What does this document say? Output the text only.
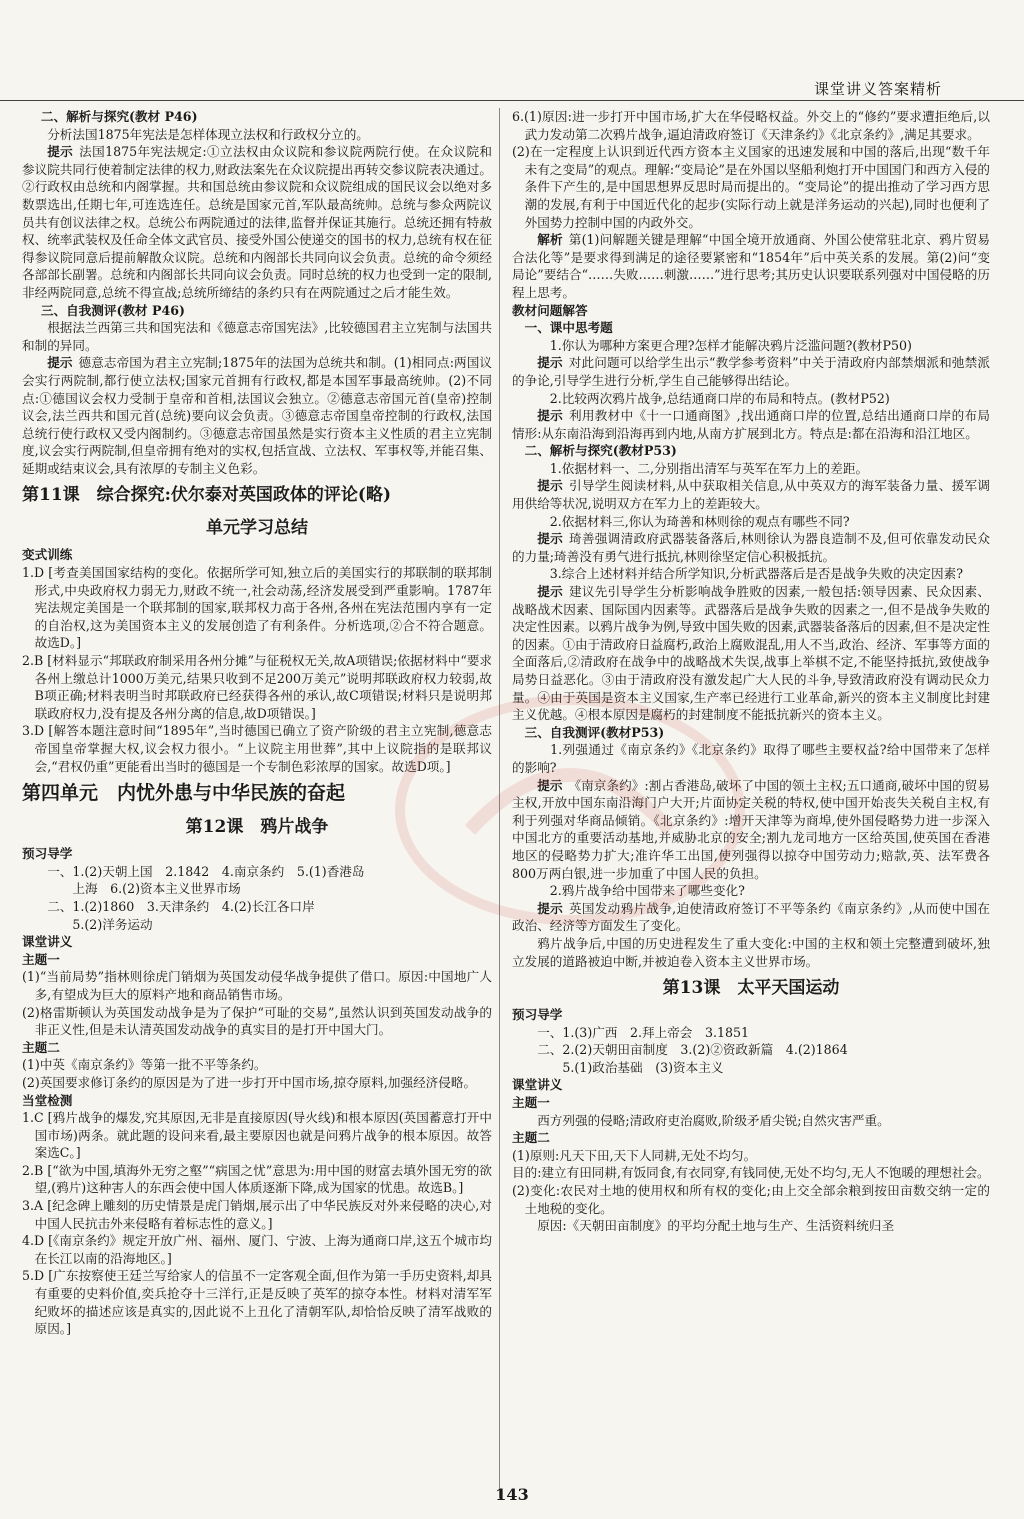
课堂讲义答案精析

二、解析与探究(教材 P46)

分析法国1875年宪法是怎样体现立法权和行政权分立的。

提示 法国1875年宪法规定:①立法权由众议院和参议院两院行使。在众议院和参议院共同行使着制定法律的权力,财政法案先在众议院提出再转交参议院表决通过。②行政权由总统和内阁掌握。共和国总统由参议院和众议院组成的国民议会以绝对多数票选出,任期七年,可连选连任。总统是国家元首,军队最高统帅。总统与参众两院议员共有创议法律之权。总统公布两院通过的法律,监督并保证其施行。总统还拥有特赦权、统率武装权及任命全体文武官员、接受外国公使递交的国书的权力,总统有权在征得参议院同意后提前解散众议院。总统和内阁部长共同向议会负责。总统的命令须经各部部长副署。总统和内阁部长共同向议会负责。同时总统的权力也受到一定的限制,非经两院同意,总统不得宣战;总统所缔结的条约只有在两院通过之后才能生效。

三、自我测评(教材 P46)

根据法兰西第三共和国宪法和《德意志帝国宪法》,比较德国君主立宪制与法国共和制的异同。

提示 德意志帝国为君主立宪制;1875年的法国为总统共和制。(1)相同点:两国议会实行两院制,都行使立法权;国家元首拥有行政权,都是本国军事最高统帅。(2)不同点:①德国议会权力受制于皇帝和首相,法国议会独立。②德意志帝国元首(皇帝)控制议会,法兰西共和国元首(总统)要向议会负责。③德意志帝国皇帝控制的行政权,法国总统行使行政权又受内阁制约。③德意志帝国虽然是实行资本主义性质的君主立宪制度,议会实行两院制,但皇帝拥有绝对的实权,包括宣战、立法权、军事权等,并能召集、延期或结束议会,具有浓厚的专制主义色彩。

第11课　综合探究:伏尔泰对英国政体的评论(略)

单元学习总结

变式训练

1.D [考查美国国家结构的变化。依据所学可知,独立后的美国实行的邦联制的联邦制形式,中央政府权力弱无力,财政不统一,社会动荡,经济发展受到严重影响。1787年宪法规定美国是一个联邦制的国家,联邦权力高于各州,各州在宪法范围内享有一定的自治权,这为美国资本主义的发展创造了有利条件。分析选项,②合不符合题意。故选D。]

2.B [材料显示“邦联政府制采用各州分摊”与征税权无关,故A项错误;依据材料中“要求各州上缴总计1000万美元,结果只收到不足200万美元”说明邦联政府权力较弱,故B项正确;材料表明当时邦联政府已经获得各州的承认,故C项错误;材料只是说明邦联政府权力,没有提及各州分离的信息,故D项错误。]

3.D [解答本题注意时间“1895年”,当时德国已确立了资产阶级的君主立宪制,德意志帝国皇帝掌握大权,议会权力很小。“上议院主用世葬”,其中上议院指的是联邦议会,“君权仍重”更能看出当时的德国是一个专制色彩浓厚的国家。故选D项。]

第四单元　内忧外患与中华民族的奋起

第12课　鸦片战争

预习导学

一、1.(2)天朝上国　2.1842　4.南京条约　5.(1)香港岛

　　上海　6.(2)资本主义世界市场

二、1.(2)1860　3.天津条约　4.(2)长江各口岸

　　5.(2)洋务运动

课堂讲义

主题一

(1)“当前局势”指林则徐虎门销烟为英国发动侵华战争提供了借口。原因:中国地广人多,有望成为巨大的原料产地和商品销售市场。

(2)格雷斯顿认为英国发动战争是为了保护“可耻的交易”,虽然认识到英国发动战争的非正义性,但是未认清英国发动战争的真实目的是打开中国大门。

主题二

(1)中英《南京条约》等第一批不平等条约。

(2)英国要求修订条约的原因是为了进一步打开中国市场,掠夺原料,加强经济侵略。

当堂检测

1.C [鸦片战争的爆发,究其原因,无非是直接原因(导火线)和根本原因(英国蓄意打开中国市场)两条。就此题的设问来看,最主要原因也就是问鸦片战争的根本原因。故答案选C。]

2.B [“欲为中国,填海外无穷之壑”“病国之忧”意思为:用中国的财富去填外国无穷的欲望,(鸦片)这种害人的东西会使中国人体质逐渐下降,成为国家的忧患。故选B。]

3.A [纪念碑上雕刻的历史情景是虎门销烟,展示出了中华民族反对外来侵略的决心,对中国人民抗击外来侵略有着标志性的意义。]

4.D [《南京条约》规定开放广州、福州、厦门、宁波、上海为通商口岸,这五个城市均在长江以南的沿海地区。]

5.D [广东按察使王廷兰写给家人的信虽不一定客观全面,但作为第一手历史资料,却具有重要的史料价值,奕兵抢夺十三洋行,正是反映了英军的掠夺本性。材料对清军军纪败坏的描述应该是真实的,因此说不上丑化了清朝军队,却恰恰反映了清军战败的原因。]

6.(1)原因:进一步打开中国市场,扩大在华侵略权益。外交上的“修约”要求遭拒绝后,以武力发动第二次鸦片战争,逼迫清政府签订《天津条约》《北京条约》,满足其要求。

(2)在一定程度上认识到近代西方资本主义国家的迅速发展和中国的落后,出现“数千年未有之变局”的观点。理解:“变局论”是在外国以坚船利炮打开中国国门和西方入侵的条件下产生的,是中国思想界反思时局而提出的。“变局论”的提出推动了学习西方思潮的发展,有利于中国近代化的起步(实际行动上就是洋务运动的兴起),同时也便利了外国势力控制中国的内政外交。

解析 第(1)问解题关键是理解“中国全境开放通商、外国公使常驻北京、鸦片贸易合法化等”是要求得到满足的途径要紧密和“1854年”后中英关系的发展。第(2)问“变局论”要结合“……失败……刺激……”进行思考;其历史认识要联系列强对中国侵略的历程上思考。

教材问题解答

　一、课中思考题

　1.你认为哪种方案更合理?怎样才能解决鸦片泛滥问题?(教材P50)

提示 对此问题可以给学生出示“教学参考资料”中关于清政府内部禁烟派和弛禁派的争论,引导学生进行分析,学生自己能够得出结论。

　2.比较两次鸦片战争,总结通商口岸的布局和特点。(教材P52)

提示 利用教材中《十一口通商图》,找出通商口岸的位置,总结出通商口岸的布局情形:从东南沿海到沿海再到内地,从南方扩展到北方。特点是:都在沿海和沿江地区。

　二、解析与探究(教材P53)

　1.依据材料一、二,分别指出清军与英军在军力上的差距。

提示 引导学生阅读材料,从中获取相关信息,从中英双方的海军装备力量、援军调用供给等状况,说明双方在军力上的差距较大。

　2.依据材料三,你认为琦善和林则徐的观点有哪些不同?

提示 琦善强调清政府武器装备落后,林则徐认为器良造制不及,但可依靠发动民众的力量;琦善没有勇气进行抵抗,林则徐坚定信心积极抵抗。

　3.综合上述材料并结合所学知识,分析武器落后是否是战争失败的决定因素?

提示 建议先引导学生分析影响战争胜败的因素,一般包括:领导因素、民众因素、战略战术因素、国际国内因素等。武器落后是战争失败的因素之一,但不是战争失败的决定性因素。以鸦片战争为例,导致中国失败的因素,武器装备落后的因素,但不是决定性的因素。①由于清政府日益腐朽,政治上腐败混乱,用人不当,政治、经济、军事等方面的全面落后,②清政府在战争中的战略战术失误,战事上举棋不定,不能坚持抵抗,致使战争局势日益恶化。③由于清政府没有激发起广大人民的斗争,导致清政府没有调动民众力量。④由于英国是资本主义国家,生产率已经进行工业革命,新兴的资本主义制度比封建主义优越。④根本原因是腐朽的封建制度不能抵抗新兴的资本主义。

　三、自我测评(教材P53)

　1.列强通过《南京条约》《北京条约》取得了哪些主要权益?给中国带来了怎样的影响?

提示 《南京条约》:割占香港岛,破坏了中国的领土主权;五口通商,破坏中国的贸易主权,开放中国东南沿海门户大开;片面协定关税的特权,使中国开始丧失关税自主权,有利于列强对华商品倾销。《北京条约》:增开天津等为商埠,使外国侵略势力进一步深入中国北方的重要活动基地,并威胁北京的安全;割九龙司地方一区给英国,使英国在香港地区的侵略势力扩大;准许华工出国,使列强得以掠夺中国劳动力;赔款,英、法军费各800万两白银,进一步加重了中国人民的负担。

　2.鸦片战争给中国带来了哪些变化?

提示 英国发动鸦片战争,迫使清政府签订不平等条约《南京条约》,从而使中国在政治、经济等方面发生了变化。

鸦片战争后,中国的历史进程发生了重大变化:中国的主权和领土完整遭到破坏,独立发展的道路被迫中断,并被迫卷入资本主义世界市场。

第13课　太平天国运动

预习导学

一、1.(3)广西　2.拜上帝会　3.1851

二、2.(2)天朝田亩制度　3.(2)②资政新篇　4.(2)1864

　　5.(1)政治基础　(3)资本主义

课堂讲义

主题一

西方列强的侵略;清政府吏治腐败,阶级矛盾尖锐;自然灾害严重。

主题二

(1)原则:凡天下田,天下人同耕,无处不均匀。

目的:建立有田同耕,有饭同食,有衣同穿,有钱同使,无处不均匀,无人不饱暖的理想社会。

(2)变化:农民对土地的使用权和所有权的变化;由上交全部余粮到按田亩数交纳一定的土地税的变化。

原因:《天朝田亩制度》的平均分配土地与生产、生活资料统归圣

143
